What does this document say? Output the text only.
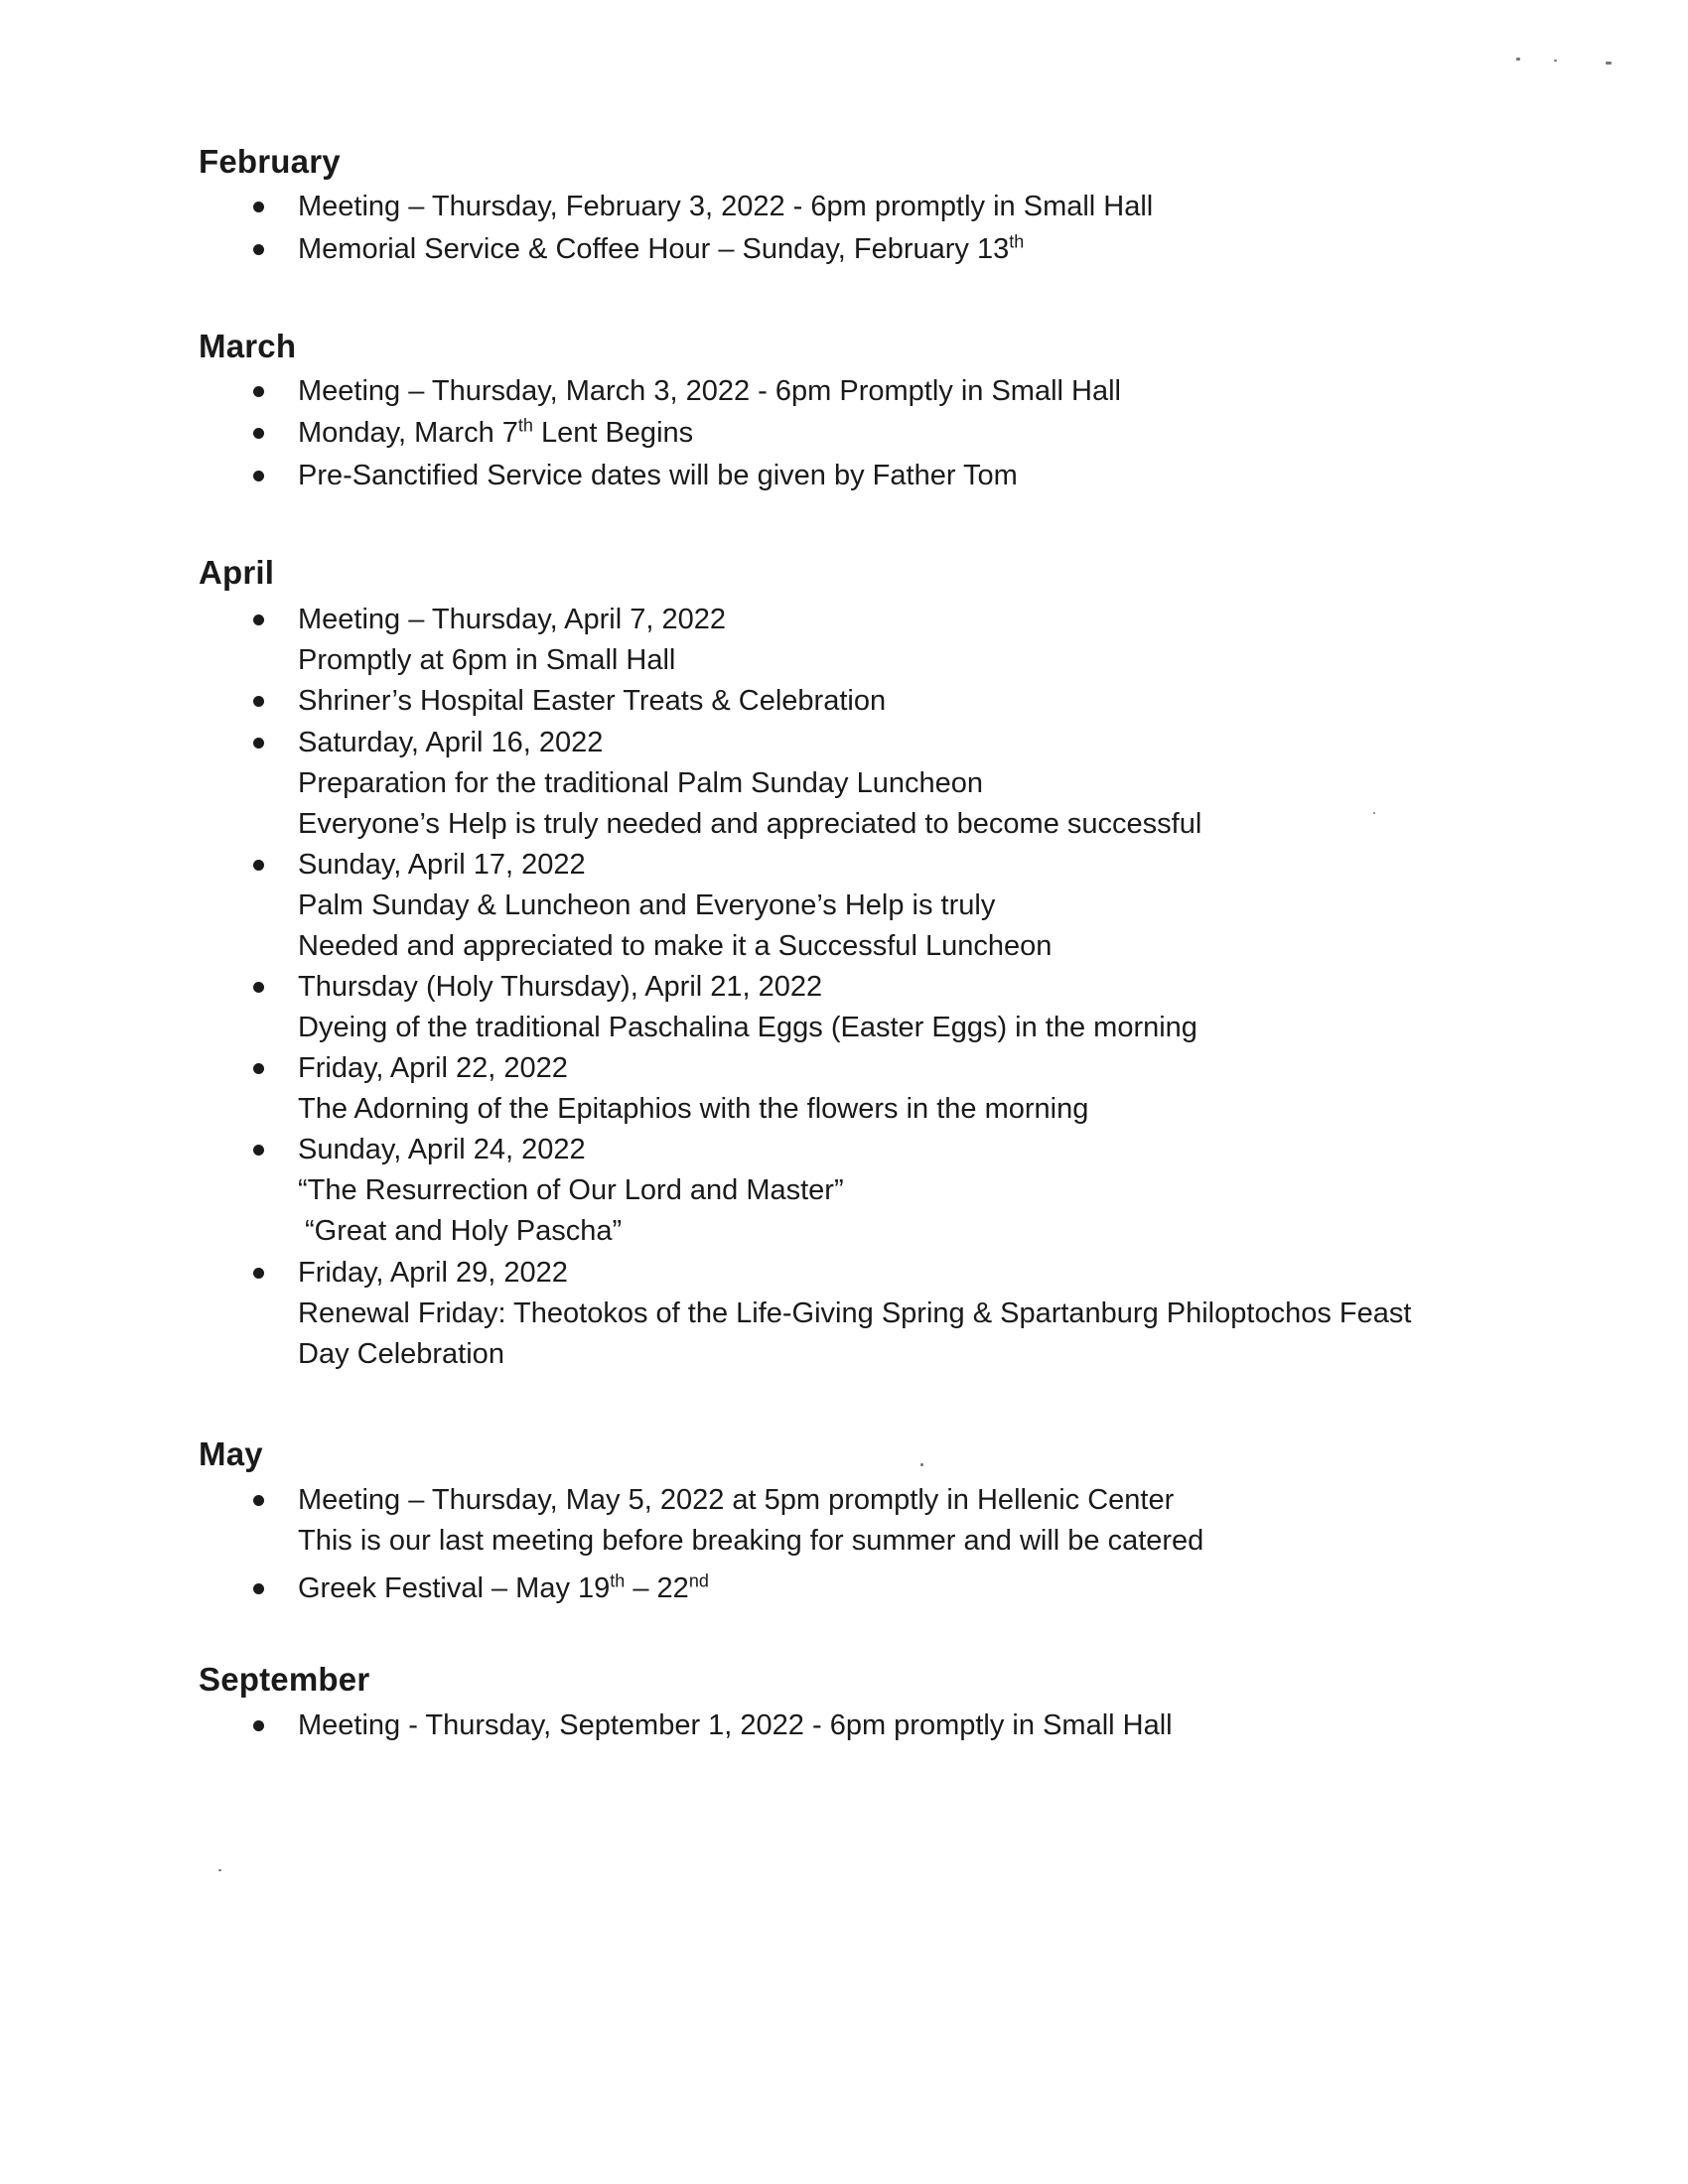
February
Meeting – Thursday, February 3, 2022 - 6pm promptly in Small Hall
Memorial Service & Coffee Hour – Sunday, February 13th
March
Meeting – Thursday, March 3, 2022 - 6pm Promptly in Small Hall
Monday, March 7th Lent Begins
Pre-Sanctified Service dates will be given by Father Tom
April
Meeting – Thursday, April 7, 2022
Promptly at 6pm in Small Hall
Shriner’s Hospital Easter Treats & Celebration
Saturday, April 16, 2022
Preparation for the traditional Palm Sunday Luncheon
Everyone’s Help is truly needed and appreciated to become successful
Sunday, April 17, 2022
Palm Sunday & Luncheon and Everyone’s Help is truly
Needed and appreciated to make it a Successful Luncheon
Thursday (Holy Thursday), April 21, 2022
Dyeing of the traditional Paschalina Eggs (Easter Eggs) in the morning
Friday, April 22, 2022
The Adorning of the Epitaphios with the flowers in the morning
Sunday, April 24, 2022
“The Resurrection of Our Lord and Master”
“Great and Holy Pascha”
Friday, April 29, 2022
Renewal Friday: Theotokos of the Life-Giving Spring & Spartanburg Philoptochos Feast
Day Celebration
May
Meeting – Thursday, May 5, 2022 at 5pm promptly in Hellenic Center
This is our last meeting before breaking for summer and will be catered
Greek Festival – May 19th – 22nd
September
Meeting - Thursday, September 1, 2022 - 6pm promptly in Small Hall
